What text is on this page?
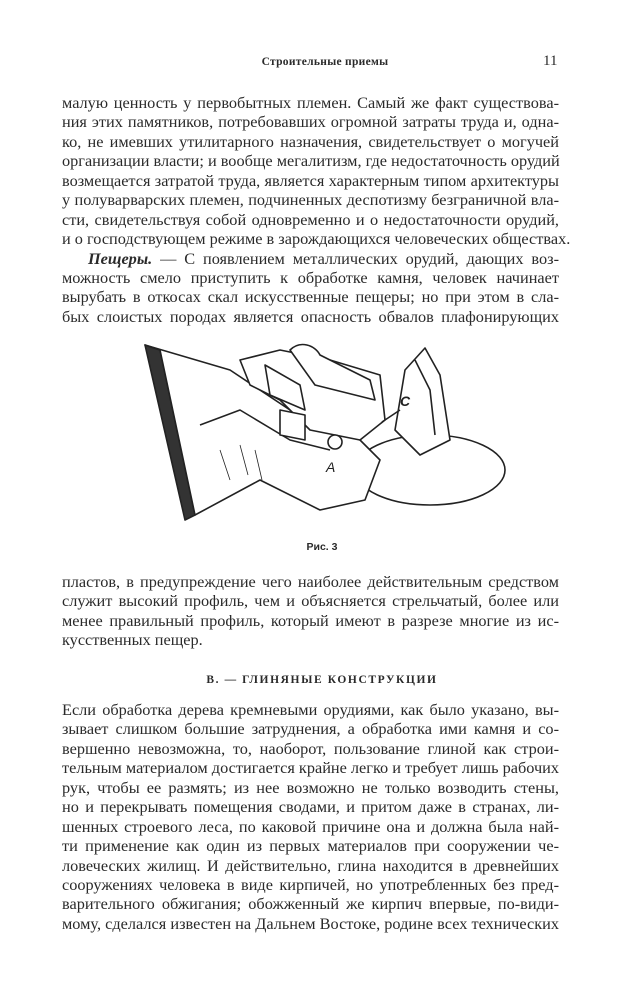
Строительные приемы	11
малую ценность у первобытных племен. Самый же факт существова-
ния этих памятников, потребовавших огромной затраты труда и, одна-
ко, не имевших утилитарного назначения, свидетельствует о могучей
организации власти; и вообще мегалитизм, где недостаточность орудий
возмещается затратой труда, является характерным типом архитектуры
у полуварварских племен, подчиненных деспотизму безграничной вла-
сти, свидетельствуя собой одновременно и о недостаточности орудий,
и о господствующем режиме в зарождающихся человеческих обществах.
Пещеры. — С появлением металлических орудий, дающих воз-
можность смело приступить к обработке камня, человек начинает
вырубать в откосах скал искусственные пещеры; но при этом в сла-
бых слоистых породах является опасность обвалов плафонирующих
A
C
Рис. 3
пластов, в предупреждение чего наиболее действительным средством
служит высокий профиль, чем и объясняется стрельчатый, более или
менее правильный профиль, который имеют в разрезе многие из ис-
кусственных пещер.
B. — ГЛИНЯНЫЕ КОНСТРУКЦИИ
Если обработка дерева кремневыми орудиями, как было указано, вы-
зывает слишком большие затруднения, а обработка ими камня и со-
вершенно невозможна, то, наоборот, пользование глиной как строи-
тельным материалом достигается крайне легко и требует лишь рабочих
рук, чтобы ее размять; из нее возможно не только возводить стены,
но и перекрывать помещения сводами, и притом даже в странах, ли-
шенных строевого леса, по каковой причине она и должна была най-
ти применение как один из первых материалов при сооружении че-
ловеческих жилищ. И действительно, глина находится в древнейших
сооружениях человека в виде кирпичей, но употребленных без пред-
варительного обжигания; обожженный же кирпич впервые, по-види-
мому, сделался известен на Дальнем Востоке, родине всех технических
